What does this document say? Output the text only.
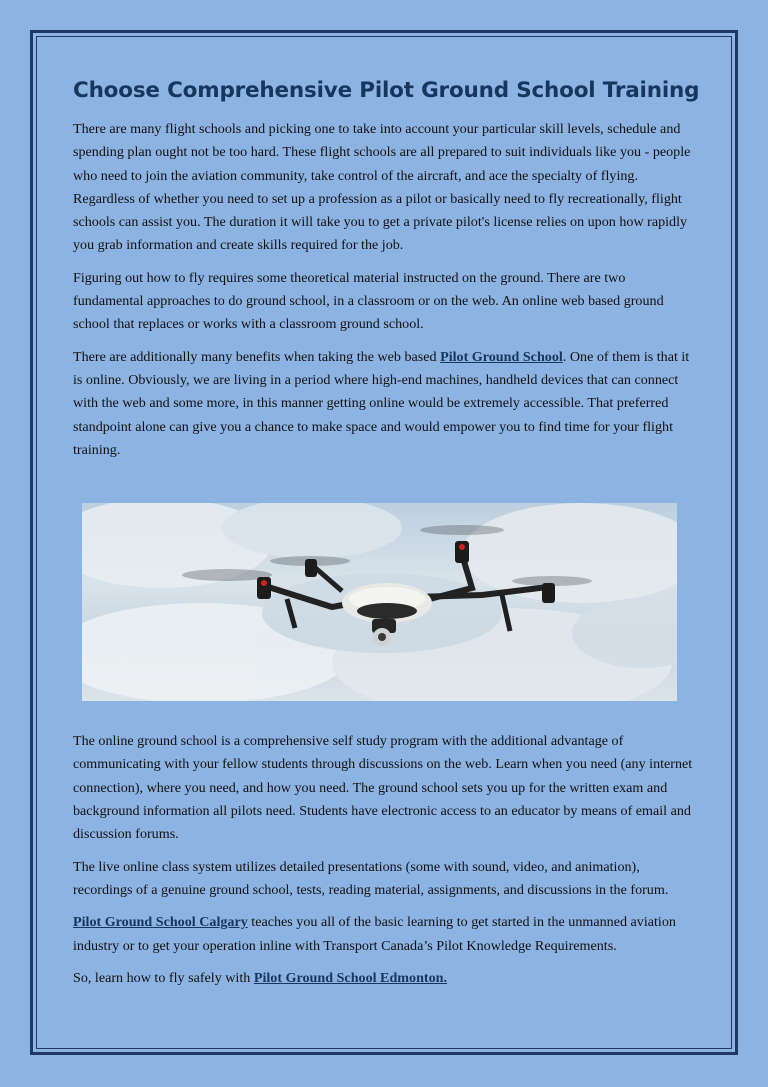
Choose Comprehensive Pilot Ground School Training

There are many flight schools and picking one to take into account your particular skill levels, schedule and spending plan ought not be too hard. These flight schools are all prepared to suit individuals like you - people who need to join the aviation community, take control of the aircraft, and ace the specialty of flying. Regardless of whether you need to set up a profession as a pilot or basically need to fly recreationally, flight schools can assist you. The duration it will take you to get a private pilot's license relies on upon how rapidly you grab information and create skills required for the job.

Figuring out how to fly requires some theoretical material instructed on the ground. There are two fundamental approaches to do ground school, in a classroom or on the web. An online web based ground school that replaces or works with a classroom ground school.

There are additionally many benefits when taking the web based Pilot Ground School. One of them is that it is online. Obviously, we are living in a period where high-end machines, handheld devices that can connect with the web and some more, in this manner getting online would be extremely accessible. That preferred standpoint alone can give you a chance to make space and would empower you to find time for your flight training.

The online ground school is a comprehensive self study program with the additional advantage of communicating with your fellow students through discussions on the web. Learn when you need (any internet connection), where you need, and how you need. The ground school sets you up for the written exam and background information all pilots need. Students have electronic access to an educator by means of email and discussion forums.

The live online class system utilizes detailed presentations (some with sound, video, and animation), recordings of a genuine ground school, tests, reading material, assignments, and discussions in the forum.

Pilot Ground School Calgary teaches you all of the basic learning to get started in the unmanned aviation industry or to get your operation inline with Transport Canada’s Pilot Knowledge Requirements.

So, learn how to fly safely with Pilot Ground School Edmonton.
